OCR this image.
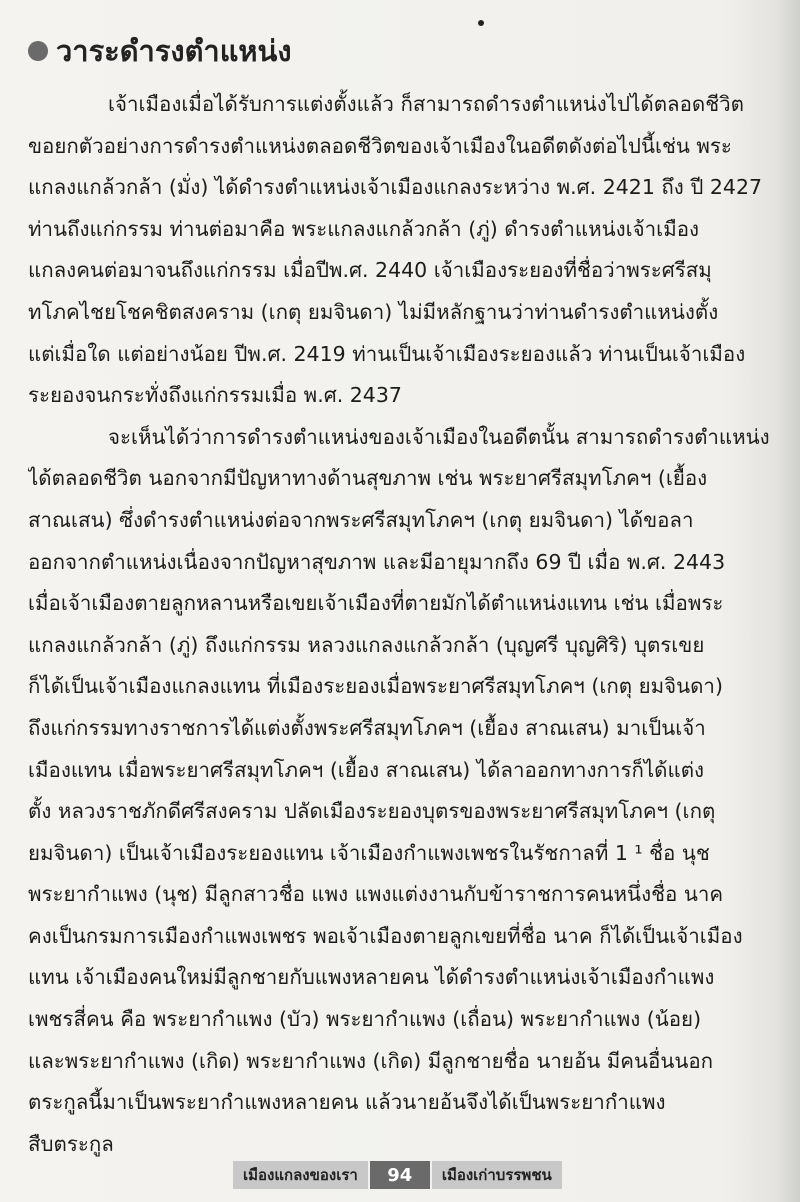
วาระดำรงตำแหน่ง
เจ้าเมืองเมื่อได้รับการแต่งตั้งแล้ว ก็สามารถดำรงตำแหน่งไปได้ตลอดชีวิต
ขอยกตัวอย่างการดำรงตำแหน่งตลอดชีวิตของเจ้าเมืองในอดีตดังต่อไปนี้เช่น พระ
แกลงแกล้วกล้า (มั่ง) ได้ดำรงตำแหน่งเจ้าเมืองแกลงระหว่าง พ.ศ. 2421 ถึง ปี 2427
ท่านถึงแก่กรรม ท่านต่อมาคือ พระแกลงแกล้วกล้า (ภู่) ดำรงตำแหน่งเจ้าเมือง
แกลงคนต่อมาจนถึงแก่กรรม เมื่อปีพ.ศ. 2440 เจ้าเมืองระยองที่ชื่อว่าพระศรีสมุ
ทโภคไชยโชคชิตสงคราม (เกตุ ยมจินดา) ไม่มีหลักฐานว่าท่านดำรงตำแหน่งตั้ง
แต่เมื่อใด แต่อย่างน้อย ปีพ.ศ. 2419 ท่านเป็นเจ้าเมืองระยองแล้ว ท่านเป็นเจ้าเมือง
ระยองจนกระทั่งถึงแก่กรรมเมื่อ พ.ศ. 2437
จะเห็นได้ว่าการดำรงตำแหน่งของเจ้าเมืองในอดีตนั้น สามารถดำรงตำแหน่ง
ได้ตลอดชีวิต นอกจากมีปัญหาทางด้านสุขภาพ เช่น พระยาศรีสมุทโภคฯ (เยื้อง
สาณเสน) ซึ่งดำรงตำแหน่งต่อจากพระศรีสมุทโภคฯ (เกตุ ยมจินดา) ได้ขอลา
ออกจากตำแหน่งเนื่องจากปัญหาสุขภาพ และมีอายุมากถึง 69 ปี เมื่อ พ.ศ. 2443
เมื่อเจ้าเมืองตายลูกหลานหรือเขยเจ้าเมืองที่ตายมักได้ตำแหน่งแทน เช่น เมื่อพระ
แกลงแกล้วกล้า (ภู่) ถึงแก่กรรม หลวงแกลงแกล้วกล้า (บุญศรี บุญศิริ) บุตรเขย
ก็ได้เป็นเจ้าเมืองแกลงแทน ที่เมืองระยองเมื่อพระยาศรีสมุทโภคฯ (เกตุ ยมจินดา)
ถึงแก่กรรมทางราชการได้แต่งตั้งพระศรีสมุทโภคฯ (เยื้อง สาณเสน) มาเป็นเจ้า
เมืองแทน เมื่อพระยาศรีสมุทโภคฯ (เยื้อง สาณเสน) ได้ลาออกทางการก็ได้แต่ง
ตั้ง หลวงราชภักดีศรีสงคราม ปลัดเมืองระยองบุตรของพระยาศรีสมุทโภคฯ (เกตุ
ยมจินดา) เป็นเจ้าเมืองระยองแทน เจ้าเมืองกำแพงเพชรในรัชกาลที่ 1 ¹ ชื่อ นุช
พระยากำแพง (นุช) มีลูกสาวชื่อ แพง แพงแต่งงานกับข้าราชการคนหนึ่งชื่อ นาค
คงเป็นกรมการเมืองกำแพงเพชร พอเจ้าเมืองตายลูกเขยที่ชื่อ นาค ก็ได้เป็นเจ้าเมือง
แทน เจ้าเมืองคนใหม่มีลูกชายกับแพงหลายคน ได้ดำรงตำแหน่งเจ้าเมืองกำแพง
เพชรสี่คน คือ พระยากำแพง (บัว) พระยากำแพง (เถื่อน) พระยากำแพง (น้อย)
และพระยากำแพง (เกิด) พระยากำแพง (เกิด) มีลูกชายชื่อ นายอ้น มีคนอื่นนอก
ตระกูลนี้มาเป็นพระยากำแพงหลายคน แล้วนายอ้นจึงได้เป็นพระยากำแพง
สืบตระกูล
เมืองแกลงของเรา	94	เมืองเก่าบรรพชน
